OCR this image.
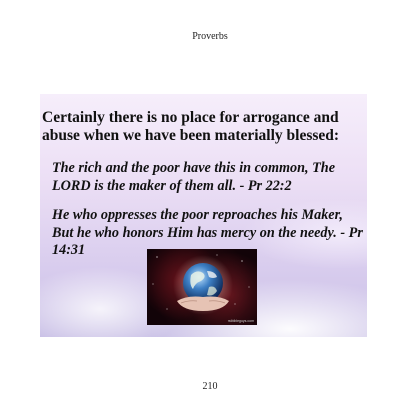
Proverbs

Certainly there is no place for arrogance and abuse when we have been materially blessed:

The rich and the poor have this in common, The LORD is the maker of them all. - Pr 22:2

He who oppresses the poor reproaches his Maker, But he who honors Him has mercy on the needy. - Pr 14:31

rstbibleguys.com
210
